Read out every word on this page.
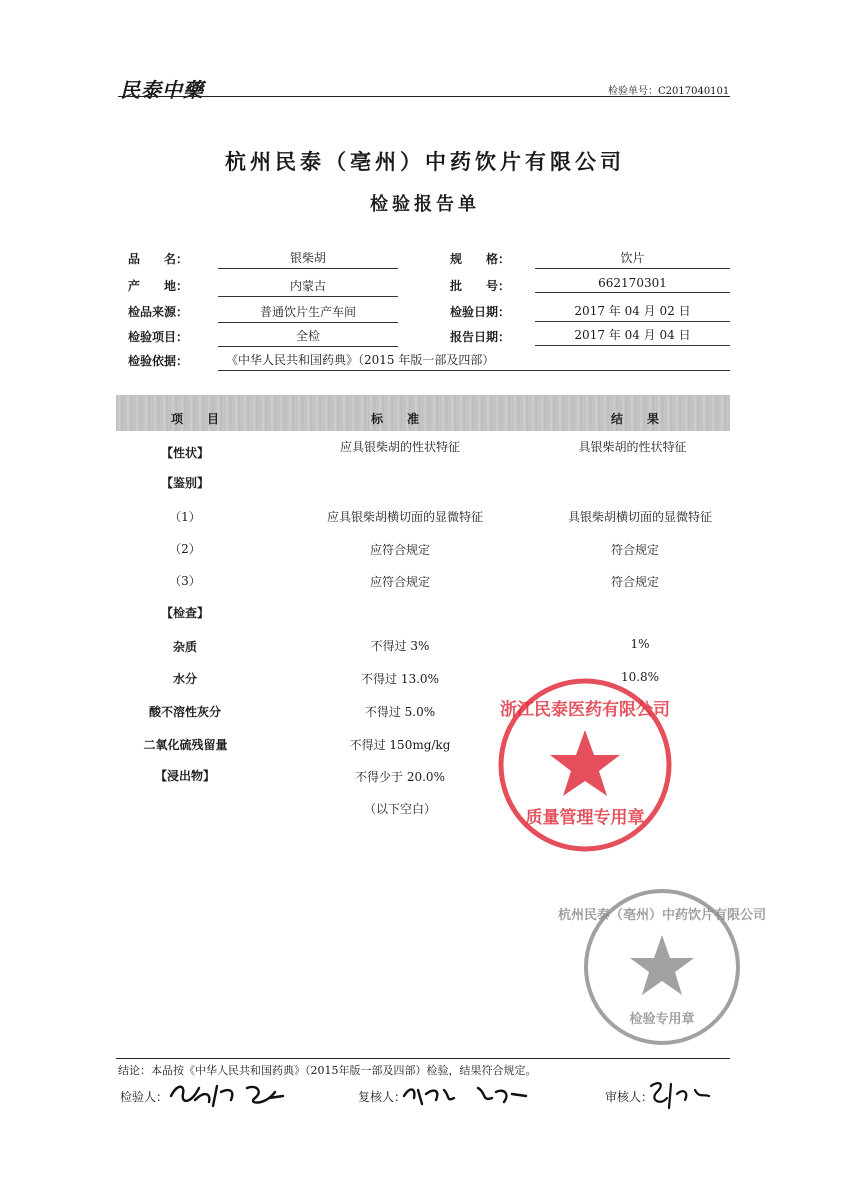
民泰中藥	检验单号：C2017040101
杭州民泰（亳州）中药饮片有限公司
检验报告单
品　　名：	银柴胡	规　　格：	饮片
产　　地：	内蒙古	批　　号：	662170301
检品来源：	普通饮片生产车间	检验日期：	2017 年 04 月 02 日
检验项目：	全检	报告日期：	2017 年 04 月 04 日
检验依据：	《中华人民共和国药典》（2015 年版一部及四部）
项　　目	标　　准	结　　果
【性状】	应具银柴胡的性状特征	具银柴胡的性状特征
【鉴别】
（1）	应具银柴胡横切面的显微特征	具银柴胡横切面的显微特征
（2）	应符合规定	符合规定
（3）	应符合规定	符合规定
【检查】
杂质	不得过 3%	1%
水分	不得过 13.0%	10.8%
酸不溶性灰分	不得过 5.0%
二氧化硫残留量	不得过 150mg/kg
【浸出物】	不得少于 20.0%
（以下空白）
浙江民泰医药有限公司
质量管理专用章
杭州民泰（亳州）中药饮片有限公司
检验专用章
结论：本品按《中华人民共和国药典》（2015年版一部及四部）检验，结果符合规定。
检验人：	复核人：	审核人：
